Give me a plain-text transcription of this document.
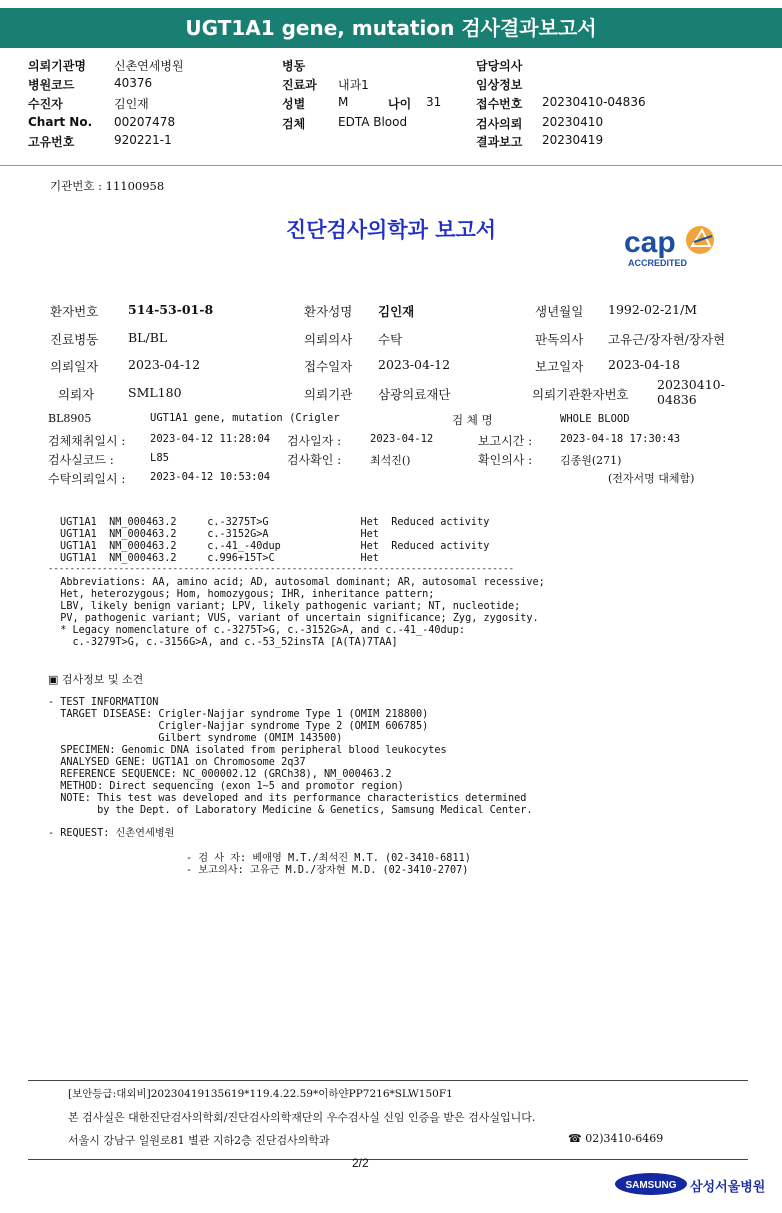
UGT1A1 gene, mutation 검사결과보고서
의뢰기관명 신촌연세병원
병원코드	40376
수진자	김인재
Chart No. 00207478
고유번호	920221-1
병동
진료과 내과1
성별	M	나이 31
검체	EDTA Blood
담당의사
임상정보
접수번호 20230410-04836
검사의뢰 20230410
결과보고 20230419
기관번호 : 11100958
진단검사의학과 보고서	cap
ACCREDITED
환자번호 514-53-01-8	환자성명 김인재	생년월일 1992-02-21/M
진료병동 BL/BL	의뢰의사 수탁	판독의사 고유근/장자현/장자현
의뢰일자 2023-04-12	접수일자 2023-04-12	보고일자 2023-04-18
의뢰자	SML180	의뢰기관 삼광의료재단	의뢰기관환자번호
20230410-
04836
BL8905	UGT1A1 gene, mutation (Crigler	검 체 명	WHOLE BLOOD
검체채취일시 : 2023-04-12 11:28:04 검사일자 :	2023-04-12	보고시간 :	2023-04-18 17:30:43
검사실코드 :	L85	검사확인 :	최석진()	확인의사 :	김종원(271)
수탁의뢰일시 : 2023-04-12 10:53:04	(전자서명 대체함)
UGT1A1  NM_000463.2     c.-3275T>G               Het  Reduced activity
UGT1A1  NM_000463.2     c.-3152G>A               Het
UGT1A1  NM_000463.2     c.-41_-40dup             Het  Reduced activity
UGT1A1  NM_000463.2     c.996+15T>C              Het
--------------------------------------------------------------------------------------
Abbreviations: AA, amino acid; AD, autosomal dominant; AR, autosomal recessive;
Het, heterozygous; Hom, homozygous; IHR, inheritance pattern;
LBV, likely benign variant; LPV, likely pathogenic variant; NT, nucleotide;
PV, pathogenic variant; VUS, variant of uncertain significance; Zyg, zygosity.
* Legacy nomenclature of c.-3275T>G, c.-3152G>A, and c.-41_-40dup:
c.-3279T>G, c.-3156G>A, and c.-53_52insTA [A(TA)7TAA]
▣ 검사정보 및 소견
- TEST INFORMATION
TARGET DISEASE: Crigler-Najjar syndrome Type 1 (OMIM 218800)
Crigler-Najjar syndrome Type 2 (OMIM 606785)
Gilbert syndrome (OMIM 143500)
SPECIMEN: Genomic DNA isolated from peripheral blood leukocytes
ANALYSED GENE: UGT1A1 on Chromosome 2q37
REFERENCE SEQUENCE: NC_000002.12 (GRCh38), NM_000463.2
METHOD: Direct sequencing (exon 1~5 and promotor region)
NOTE: This test was developed and its performance characteristics determined
by the Dept. of Laboratory Medicine & Genetics, Samsung Medical Center.
- REQUEST: 신촌연세병원
- 검 사 자: 베애영 M.T./최석진 M.T. (02-3410-6811)
- 보고의사: 고유근 M.D./장자현 M.D. (02-3410-2707)
[보안등급:대외비]20230419135619*119.4.22.59*이하얀PP7216*SLW150F1
본 검사실은 대한진단검사의학회/진단검사의학재단의 우수검사실 신임 인증을 받은 검사실입니다.
서울시 강남구 일원로81 별관 지하2층 진단검사의학과	☎ 02)3410-6469
2/2
SAMSUNG 삼성서울병원
